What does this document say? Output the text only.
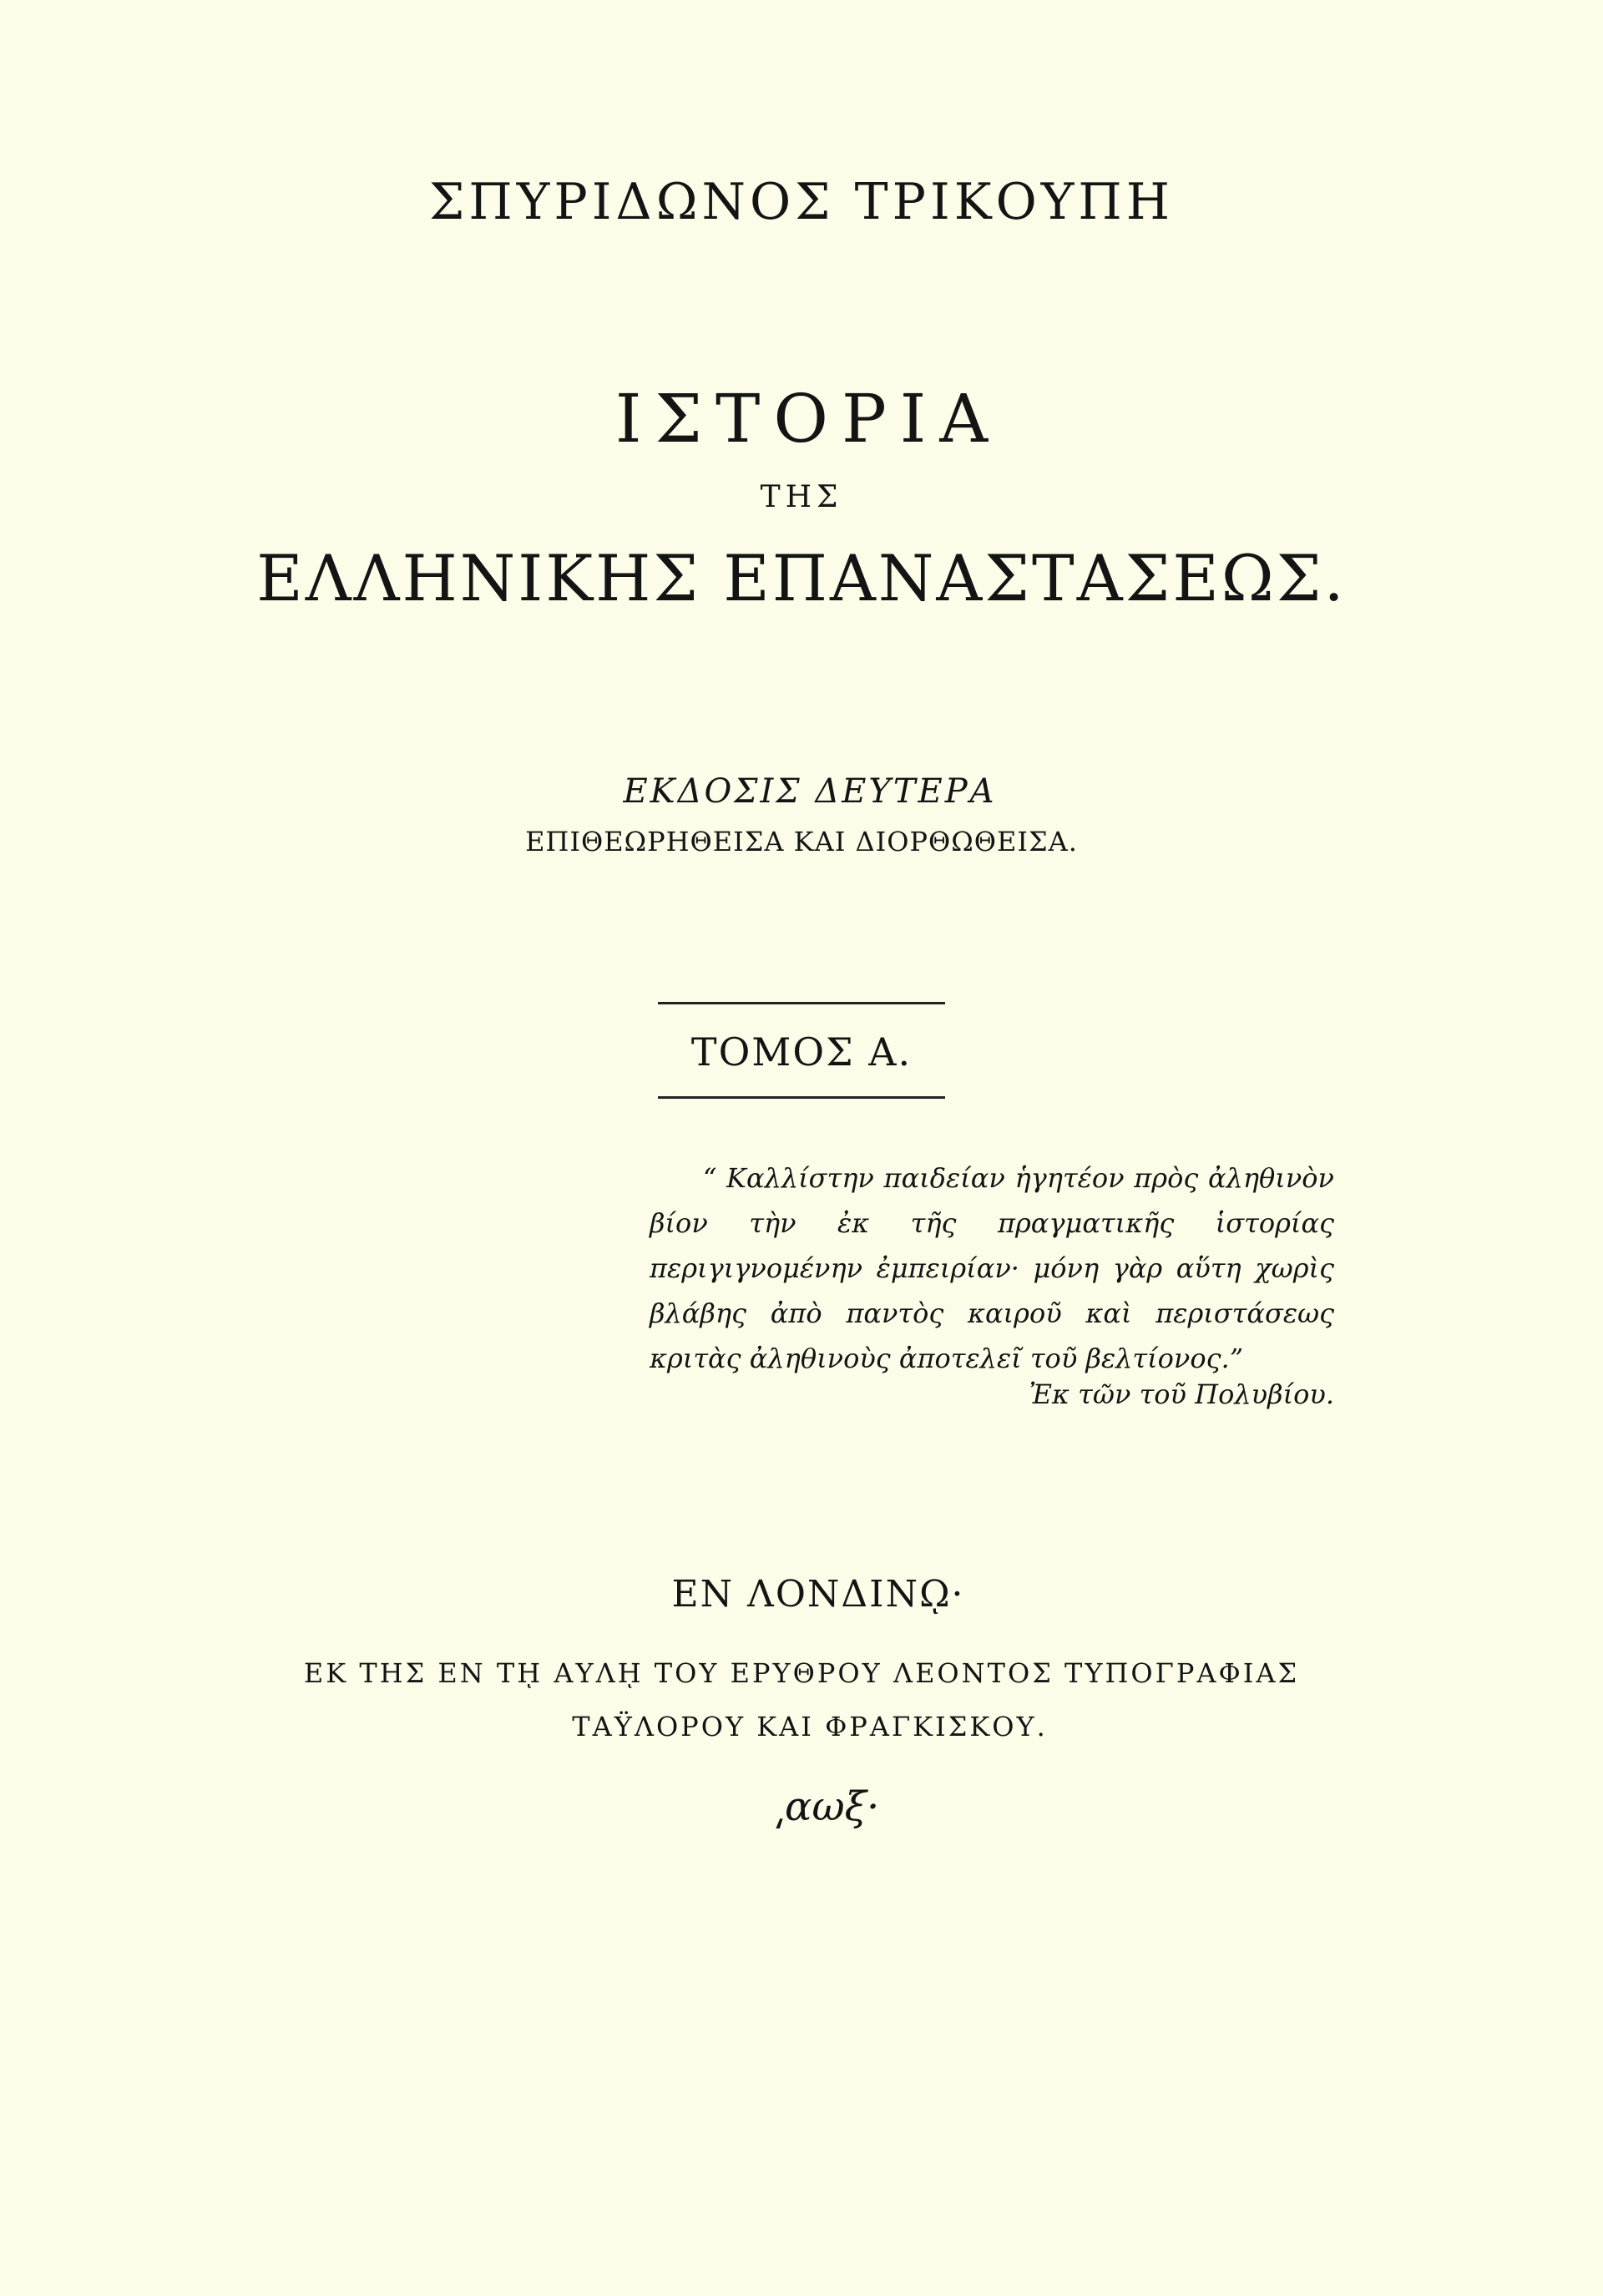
ΣΠΥΡΙΔΩΝΟΣ ΤΡΙΚΟΥΠΗ
ΙΣΤΟΡΙΑ
ΤΗΣ
ΕΛΛΗΝΙΚΗΣ ΕΠΑΝΑΣΤΑΣΕΩΣ.
ΕΚΔΟΣΙΣ ΔΕΥΤΕΡΑ
ΕΠΙΘΕΩΡΗΘΕΙΣΑ ΚΑΙ ΔΙΟΡΘΩΘΕΙΣΑ.
ΤΟΜΟΣ Α.

“ Καλλίστην παιδείαν ἡγητέον πρὸς ἀληθινὸν βίον τὴν ἐκ τῆς πραγματικῆς ἱστορίας περιγιγνομένην ἐμπειρίαν· μόνη γὰρ αὕτη χωρὶς βλάβης ἀπὸ παντὸς καιροῦ καὶ περιστάσεως κριτὰς ἀληθινοὺς ἀποτελεῖ τοῦ βελτίονος.”

Ἐκ τῶν τοῦ Πολυβίου.
ΕΝ ΛΟΝΔΙΝῼ·
ΕΚ ΤΗΣ ΕΝ Τῌ ΑΥΛῌ ΤΟΥ ΕΡΥΘΡΟΥ ΛΕΟΝΤΟΣ ΤΥΠΟΓΡΑΦΙΑΣ
ΤΑΫΛΟΡΟΥ ΚΑΙ ΦΡΑΓΚΙΣΚΟΥ.
͵αωξ·
